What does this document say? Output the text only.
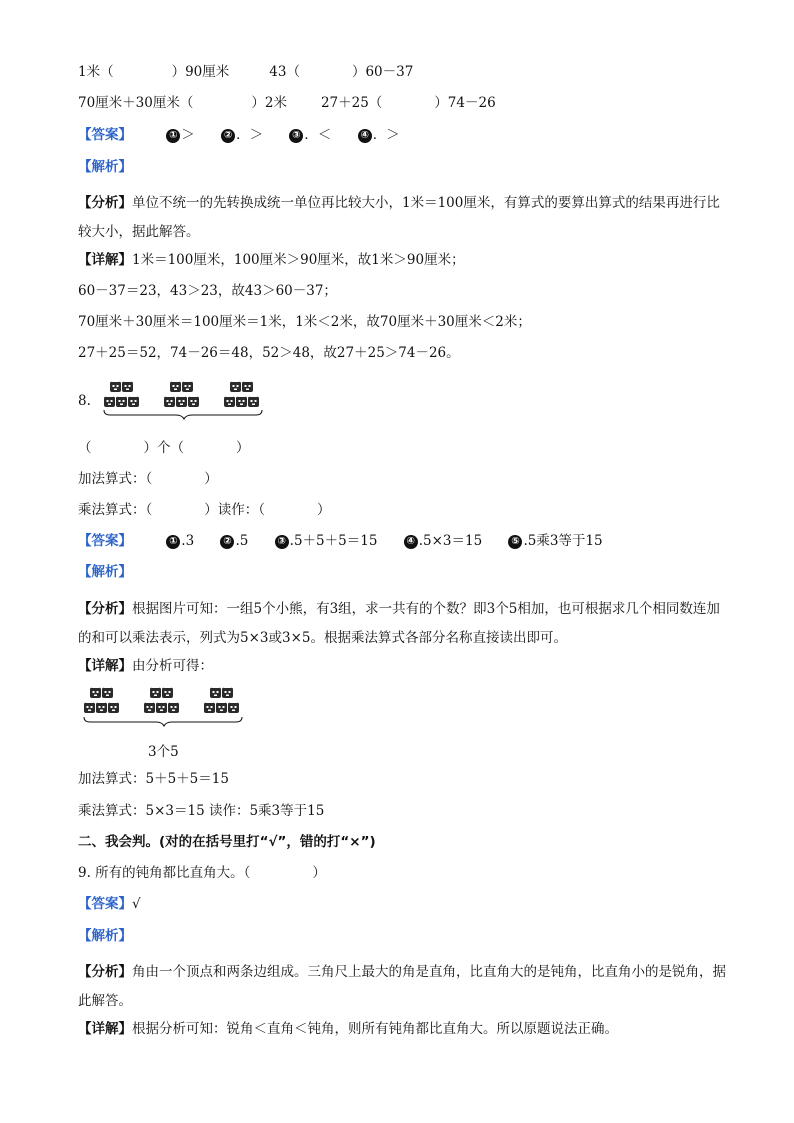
1米（	）90厘米	43（	）60－37
70厘米＋30厘米（	）2米	27＋25（	）74－26
【答案】	① ＞	② ．＞	③ ．＜	④ ．＞
【解析】
【分析】单位不统一的先转换成统一单位再比较大小，1米＝100厘米，有算式的要算出算式的结果再进行比较大小，据此解答。
【详解】1米＝100厘米，100厘米＞90厘米，故1米＞90厘米；
60－37＝23，43＞23，故43＞60－37；
70厘米＋30厘米＝100厘米＝1米，1米＜2米，故70厘米＋30厘米＜2米；
27＋25＝52，74－26＝48，52＞48，故27＋25＞74－26。
8.
（	）个（	）
加法算式：（	）
乘法算式：（	）读作：（	）
【答案】	① .3	② .5	③ .5＋5＋5＝15	④ .5×3＝15	⑤ .5乘3等于15
【解析】
【分析】根据图片可知：一组5个小熊，有3组，求一共有的个数？即3个5相加，也可根据求几个相同数连加的和可以乘法表示，列式为5×3或3×5。根据乘法算式各部分名称直接读出即可。
【详解】由分析可得：
3个5
加法算式：5＋5＋5＝15
乘法算式：5×3＝15 读作：5乘3等于15
二、我会判。(对的在括号里打“√”，错的打“×”)
9. 所有的钝角都比直角大。（	）
【答案】√
【解析】
【分析】角由一个顶点和两条边组成。三角尺上最大的角是直角，比直角大的是钝角，比直角小的是锐角，据此解答。
【详解】根据分析可知：锐角＜直角＜钝角，则所有钝角都比直角大。所以原题说法正确。
